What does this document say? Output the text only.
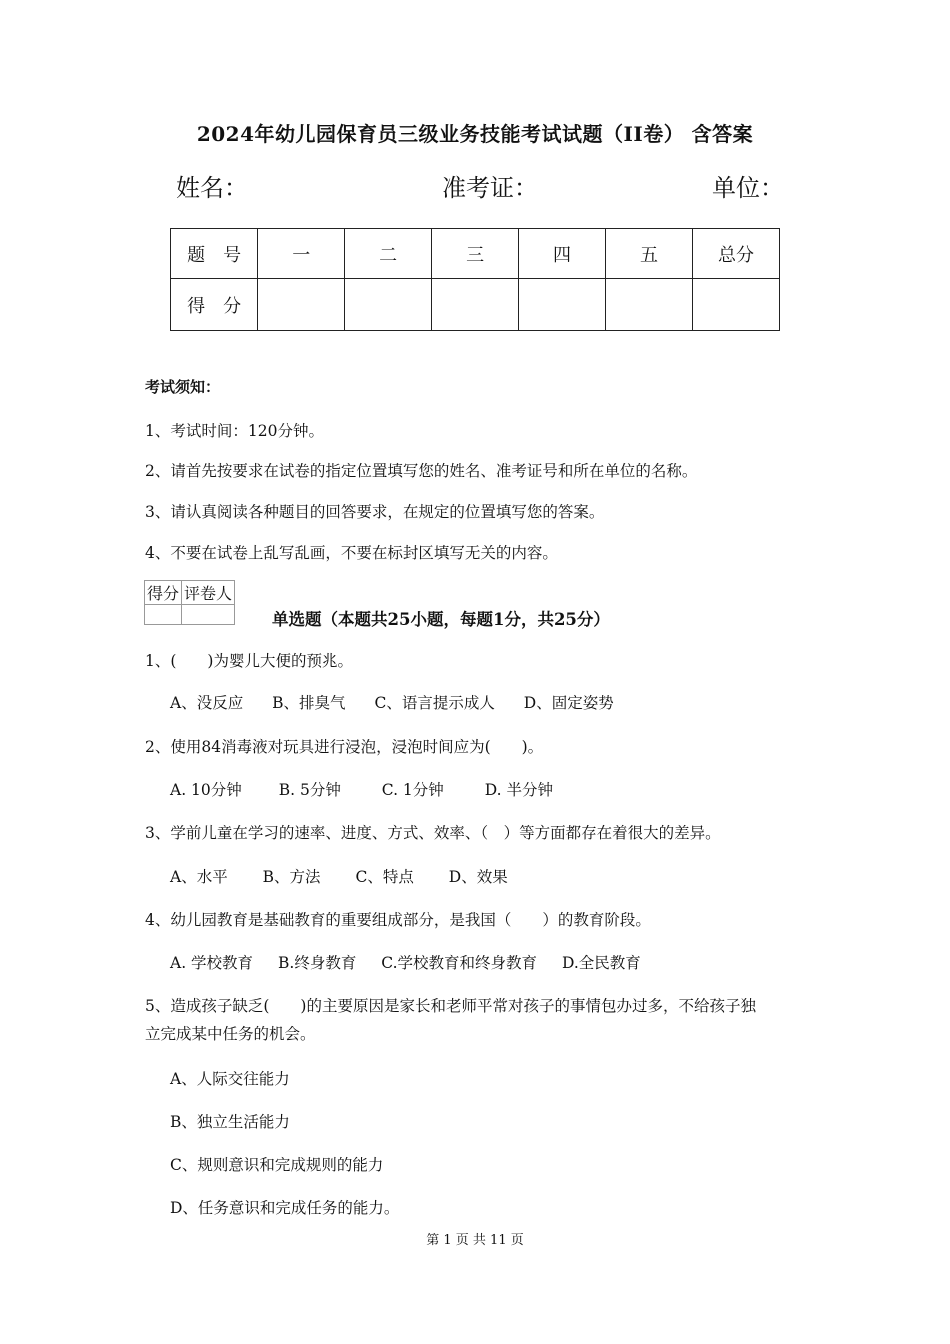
2024年幼儿园保育员三级业务技能考试试题（II卷） 含答案
姓名：	准考证：	单位：
题　号	一	二	三	四	五	总分
得　分						
考试须知：
1、考试时间：120分钟。
2、请首先按要求在试卷的指定位置填写您的姓名、准考证号和所在单位的名称。
3、请认真阅读各种题目的回答要求，在规定的位置填写您的答案。
4、不要在试卷上乱写乱画，不要在标封区填写无关的内容。
得分	评卷人

单选题（本题共25小题，每题1分，共25分）
1、(　　)为婴儿大便的预兆。
A、没反应 B、排臭气 C、语言提示成人 D、固定姿势
2、使用84消毒液对玩具进行浸泡，浸泡时间应为(　　)。
A. 10分钟 B. 5分钟	C. 1分钟	D. 半分钟
3、学前儿童在学习的速率、进度、方式、效率、（　）等方面都存在着很大的差异。
A、水平 B、方法 C、特点 D、效果
4、幼儿园教育是基础教育的重要组成部分，是我国（　　）的教育阶段。
A. 学校教育 B.终身教育 C.学校教育和终身教育 D.全民教育
5、造成孩子缺乏(　　)的主要原因是家长和老师平常对孩子的事情包办过多，不给孩子独
立完成某中任务的机会。
A、人际交往能力
B、独立生活能力
C、规则意识和完成规则的能力
D、任务意识和完成任务的能力。
第 1 页 共 11 页
